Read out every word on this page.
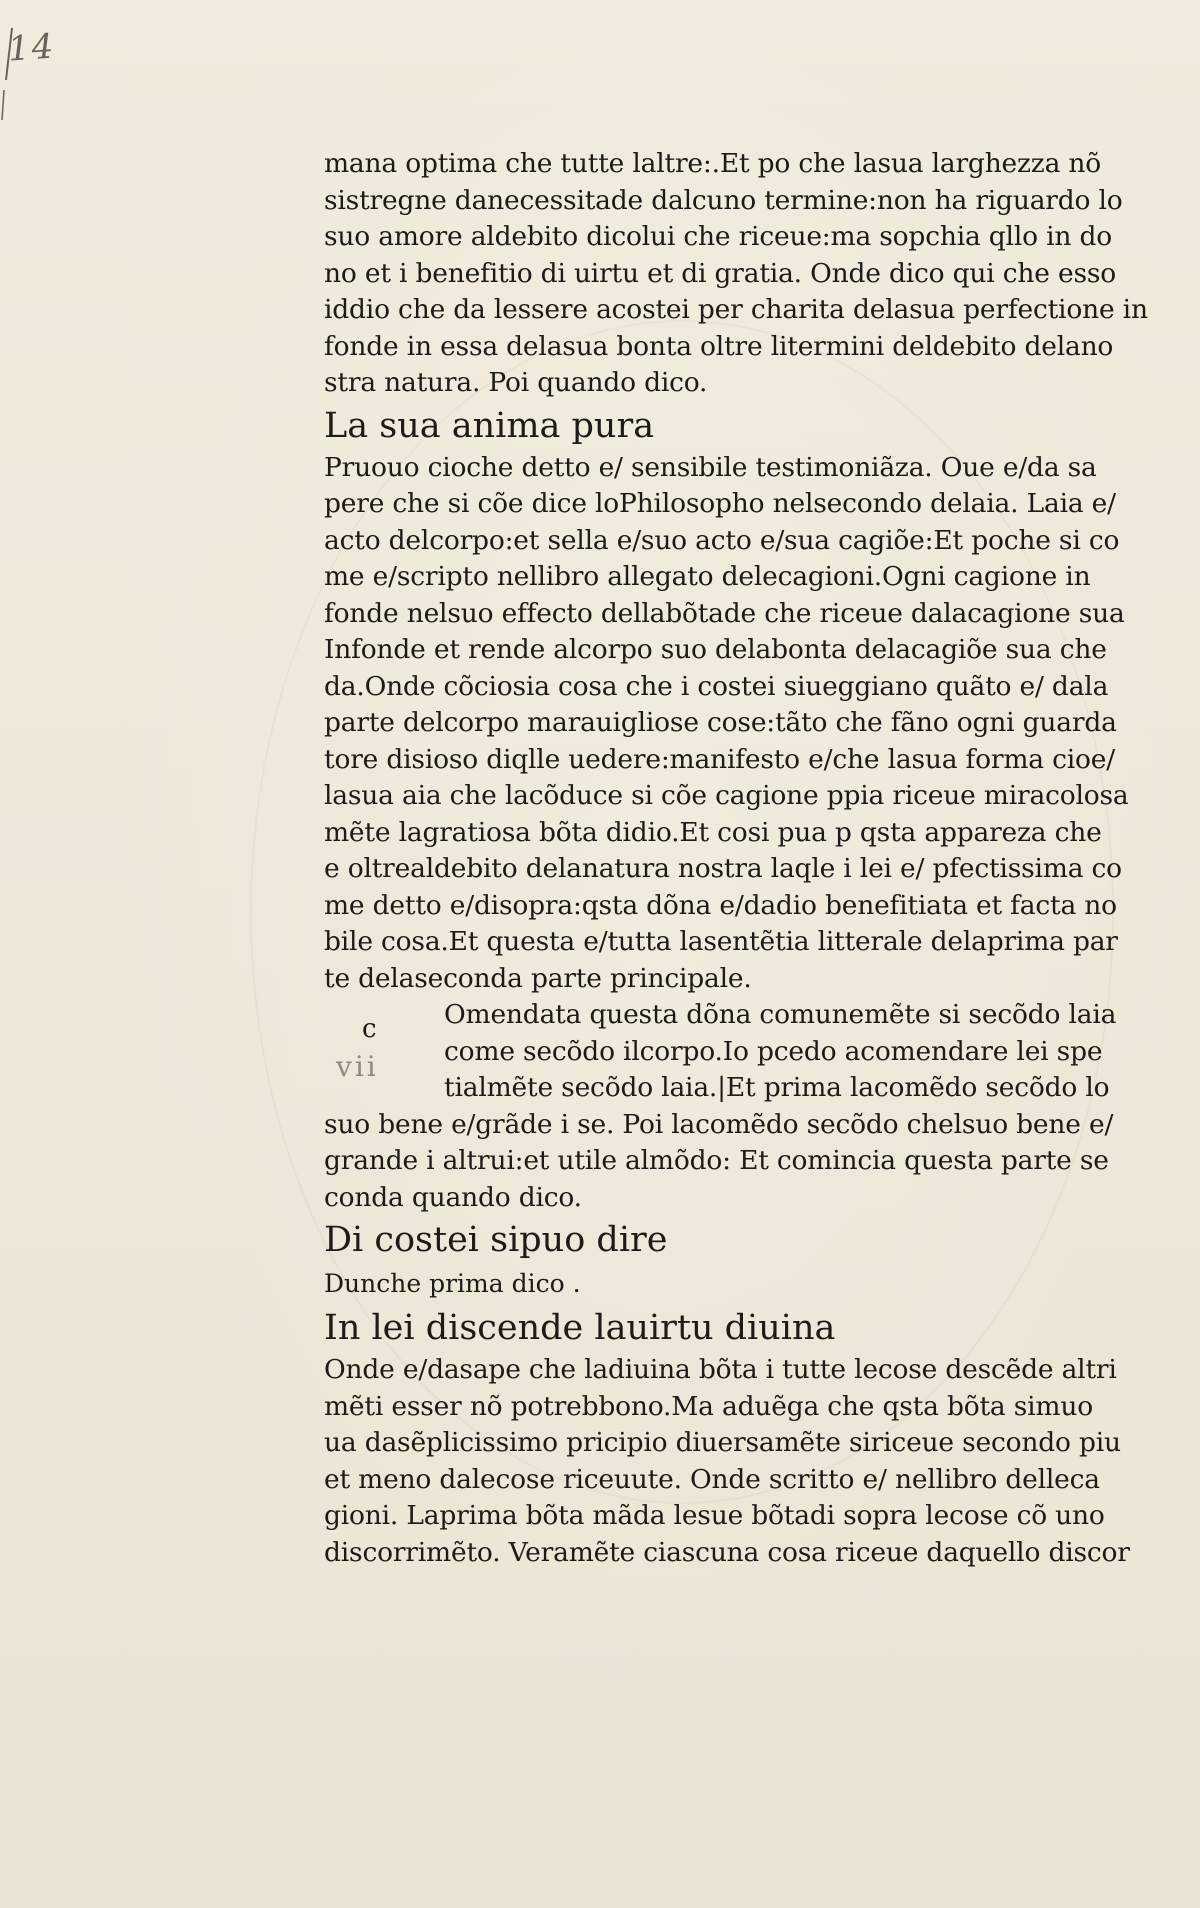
14
mana optima che tutte laltre:.Et po che lasua larghezza nõ
sistregne danecessitade dalcuno termine:non ha riguardo lo
suo amore aldebito dicolui che riceue:ma sopchia qllo in do
no et i benefitio di uirtu et di gratia. Onde dico qui che esso
iddio che da lessere acostei per charita delasua perfectione in
fonde in essa delasua bonta oltre litermini deldebito delano
stra natura. Poi quando dico.
La sua anima pura
Pruouo cioche detto e/ sensibile testimoniãza. Oue e/da sa
pere che si cõe dice loPhilosopho nelsecondo delaia. Laia e/
acto delcorpo:et sella e/suo acto e/sua cagiõe:Et poche si co
me e/scripto nellibro allegato delecagioni.Ogni cagione in
fonde nelsuo effecto dellabõtade che riceue dalacagione sua
Infonde et rende alcorpo suo delabonta delacagiõe sua che
da.Onde cõciosia cosa che i costei siueggiano quãto e/ dala
parte delcorpo marauigliose cose:tãto che fãno ogni guarda
tore disioso diqlle uedere:manifesto e/che lasua forma cioe/
lasua aia che lacõduce si cõe cagione ppia riceue miracolosa
mẽte lagratiosa bõta didio.Et cosi pua p qsta appareza che
e oltrealdebito delanatura nostra laqle i lei e/ pfectissima co
me detto e/disopra:qsta dõna e/dadio benefitiata et facta no
bile cosa.Et questa e/tutta lasentẽtia litterale delaprima par
te delaseconda parte principale.
Omendata questa dõna comunemẽte si secõdo laia
come secõdo ilcorpo.Io pcedo acomendare lei spe
tialmẽte secõdo laia.|Et prima lacomẽdo secõdo lo
suo bene e/grãde i se. Poi lacomẽdo secõdo chelsuo bene e/
grande i altrui:et utile almõdo: Et comincia questa parte se
conda quando dico.
Di costei sipuo dire
Dunche prima dico .
In lei discende lauirtu diuina
Onde e/dasape che ladiuina bõta i tutte lecose descẽde altri
mẽti esser nõ potrebbono.Ma aduẽga che qsta bõta simuo
ua dasẽplicissimo pricipio diuersamẽte siriceue secondo piu
et meno dalecose riceuute. Onde scritto e/ nellibro delleca
gioni. Laprima bõta mãda lesue bõtadi sopra lecose cõ uno
discorrimẽto. Veramẽte ciascuna cosa riceue daquello discor
c
vii
